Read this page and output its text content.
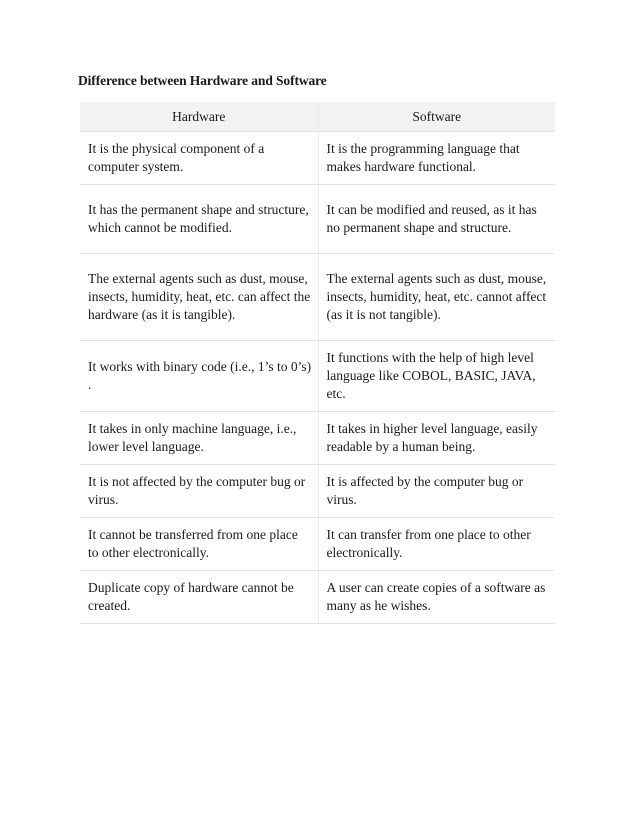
Difference between Hardware and Software
Hardware	Software
It is the physical component of a computer system.	It is the programming language that makes hardware functional.
It has the permanent shape and structure, which cannot be modified.	It can be modified and reused, as it has no permanent shape and structure.
The external agents such as dust, mouse, insects, humidity, heat, etc. can affect the hardware (as it is tangible).	The external agents such as dust, mouse, insects, humidity, heat, etc. cannot affect (as it is not tangible).
It works with binary code (i.e., 1’s to 0’s) .	It functions with the help of high level language like COBOL, BASIC, JAVA, etc.
It takes in only machine language, i.e., lower level language.	It takes in higher level language, easily readable by a human being.
It is not affected by the computer bug or virus.	It is affected by the computer bug or virus.
It cannot be transferred from one place to other electronically.	It can transfer from one place to other electronically.
Duplicate copy of hardware cannot be created.	A user can create copies of a software as many as he wishes.
